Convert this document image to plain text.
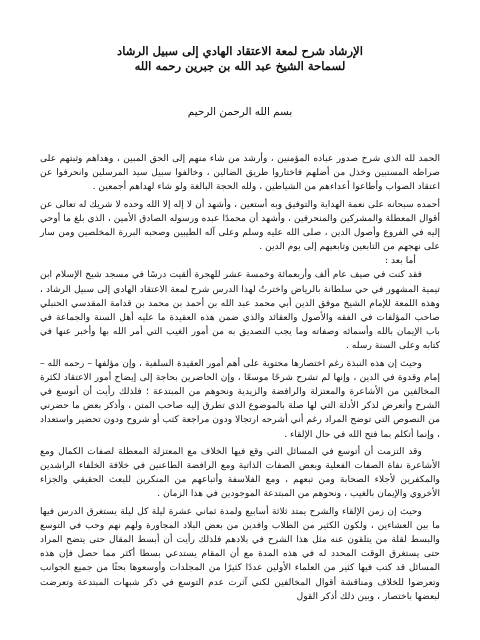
الإرشاد شرح لمعة الاعتقاد الهادي إلى سبيل الرشاد
لسماحة الشيخ عبد الله بن جبرين رحمه الله
بسم الله الرحمن الرحيم

الحمد لله الذي شرح صدور عباده المؤمنين ، وأرشد من شاء منهم إلى الحق المبين ، وهداهم وثبتهم على صراطه المستبين وخذل من أضلهم فاختاروا طريق الضالين ، وخالفوا سبيل سيد المرسلين وانحرفوا عن اعتقاد الصواب وأطاعوا أعداءهم من الشياطين ، ولله الحجة البالغة ولو شاء لهداهم أجمعين .

أحمده سبحانه على نعمة الهداية والتوفيق وبه أستعين ، وأشهد أن لا إله إلا الله وحده لا شريك له تعالى عن أقوال المعطلة والمشركين والمنحرفين ، وأشهد أن محمدًا عبده ورسوله الصادق الأمين ، الذي بلغ ما أوحي إليه في الفروع وأصول الدين ، صلى الله عليه وسلم وعلى آله الطيبين وصحبه البررة المخلصين ومن سار على نهجهم من التابعين وتابعيهم إلى يوم الدين .

أما بعد :

فقد كنت في صيف عام ألف وأربعمائة وخمسة عشر للهجرة ألقيت درسًا في مسجد شيخ الإسلام ابن تيمية المشهور في حي سلطانة بالرياض واخترتُ لهذا الدرس شرح لمعة الاعتقاد الهادي إلى سبيل الرشاد ، وهذه اللمعة للإمام الشيخ موفق الدين أبي محمد عبد الله بن أحمد بن محمد بن قدامة المقدسي الحنبلي صاحب المؤلفات في الفقه والأصول والعقائد والذي ضمن هذه العقيدة ما عليه أهل السنة والجماعة في باب الإيمان بالله وأسمائه وصفاته وما يجب التصديق به من أمور الغيب التي أمر الله بها وأخبر عنها في كتابه وعلى السنة رسله .

وحيث إن هذه النبذة رغم اختصارها محتوية على أهم أمور العقيدة السلفية ، وإن مؤلفها – رحمه الله – إمام وقدوة في الدين ، وإنها لم تشرح شرحًا موسعًا ، وإن الحاضرين بحاجة إلى إيضاح أمور الاعتقاد لكثرة المخالفين من الأشاعرة والمعتزلة والرافضة والزيدية ونحوهم من المبتدعة ؛ فلذلك رأيت أن أتوسع في الشرح وأتعرض لذكر الأدلة التي لها صلة بالموضوع الذي تطرق إليه صاحب المتن ، وأذكر بعض ما حضرني من النصوص التي توضح المراد رغم أني أشرحه ارتجالا ودون مراجعة كتب أو شروح ودون تحضير واستعداد ، وإنما أتكلم بما فتح الله في حال الإلقاء .

وقد التزمت أن أتوسع في المسائل التي وقع فيها الخلاف مع المعتزلة المعطلة لصفات الكمال ومع الأشاعرة نفاة الصفات الفعلية وبعض الصفات الذاتية ومع الرافضة الطاعنين في خلافة الخلفاء الراشدين والمكفرين لأجلاء الصحابة ومن تبعهم ، ومع الفلاسفة وأتباعهم من المنكرين للبعث الحقيقي والجزاء الأخروي والإيمان بالغيب ، ونحوهم من المبتدعة الموجودين في هذا الزمان .

وحيث إن زمن الإلقاء والشرح يمتد ثلاثة أسابيع ولمدة ثماني عشرة ليلة كل ليلة يستغرق الدرس فيها ما بين العشاءين ، ولكون الكثير من الطلاب وافدين من بعض البلاد المجاورة ولهم نهم وحب في التوسع والبسط لقلة من يتلقون عنه مثل هذا الشرح في بلادهم فلذلك رأيت أن أبسط المقال حتى يتضح المراد حتى يستغرق الوقت المحدد له في هذه المدة مع أن المقام يستدعي بسطا أكثر مما حصل فإن هذه المسائل قد كتب فيها كثير من العلماء الأولين عددًا كثيرًا من المجلدات وأوسعوها بحثًا من جميع الجوانب وتعرضوا للخلاف ومناقشة أقوال المخالفين لكني آثرت عدم التوسع في ذكر شبهات المبتدعة وتعرضت لبعضها باختصار ، وبين ذلك أذكر القول
